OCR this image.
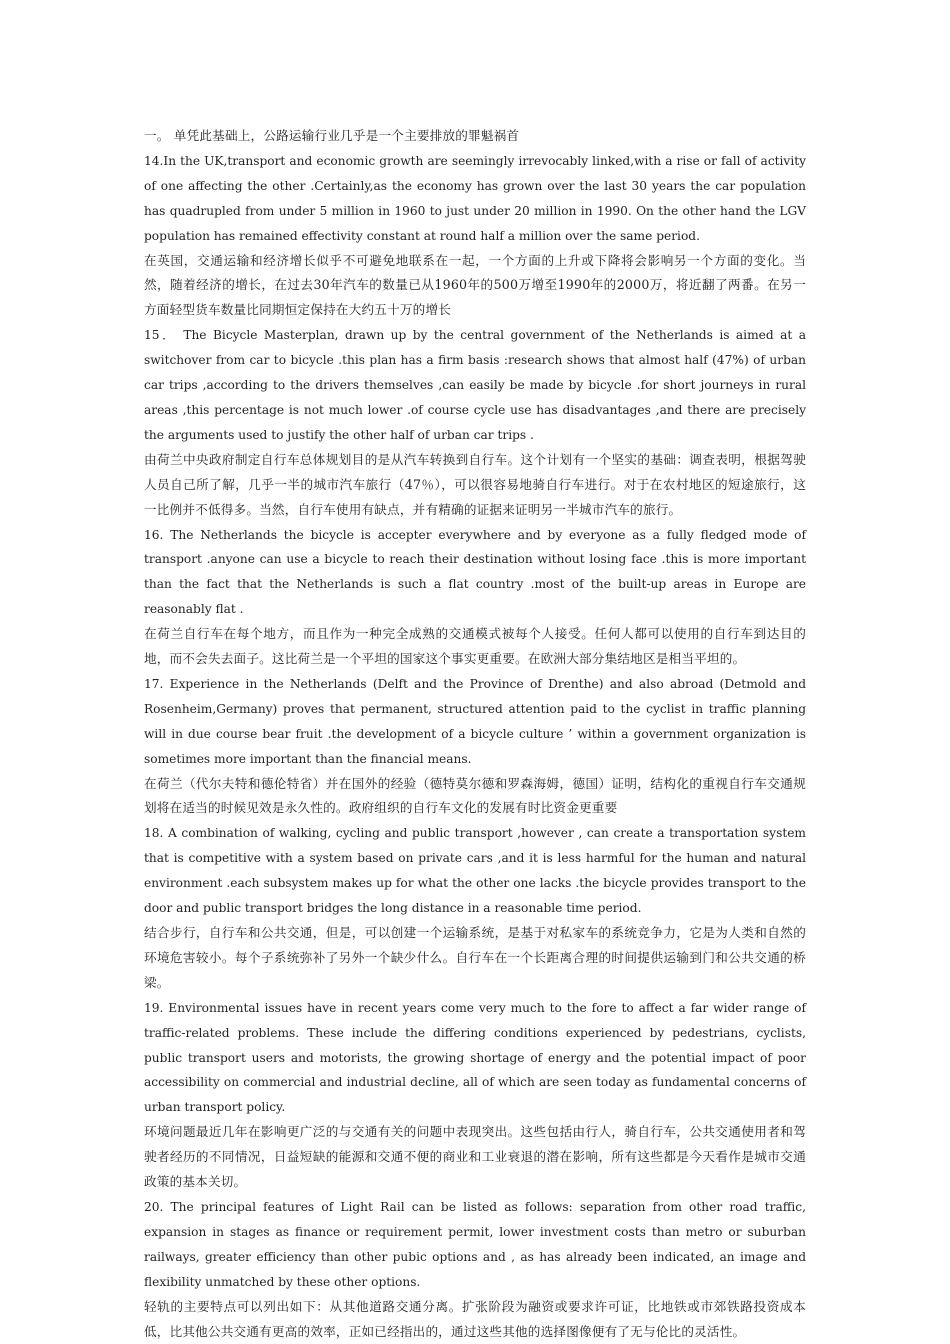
一。 单凭此基础上，公路运输行业几乎是一个主要排放的罪魁祸首

14.In the UK,transport and economic growth are seemingly irrevocably linked,with a rise or fall of activity of one affecting the other .Certainly,as the economy has grown over the last 30 years the car population has quadrupled from under 5 million in 1960 to just under 20 million in 1990. On the other hand the LGV population has remained effectivity constant at round half a million over the same period.

在英国，交通运输和经济增长似乎不可避免地联系在一起，一个方面的上升或下降将会影响另一个方面的变化。当然，随着经济的增长，在过去30年汽车的数量已从1960年的500万增至1990年的2000万，将近翻了两番。在另一方面轻型货车数量比同期恒定保持在大约五十万的增长

15． The Bicycle Masterplan, drawn up by the central government of the Netherlands is aimed at a switchover from car to bicycle .this plan has a firm basis :research shows that almost half (47%) of urban car trips ,according to the drivers themselves ,can easily be made by bicycle .for short journeys in rural areas ,this percentage is not much lower .of course cycle use has disadvantages ,and there are precisely the arguments used to justify the other half of urban car trips .

由荷兰中央政府制定自行车总体规划目的是从汽车转换到自行车。这个计划有一个坚实的基础：调查表明，根据驾驶人员自己所了解，几乎一半的城市汽车旅行（47％），可以很容易地骑自行车进行。对于在农村地区的短途旅行，这一比例并不低得多。当然，自行车使用有缺点，并有精确的证据来证明另一半城市汽车的旅行。

16. The Netherlands the bicycle is accepter everywhere and by everyone as a fully fledged mode of transport .anyone can use a bicycle to reach their destination without losing face .this is more important than the fact that the Netherlands is such a flat country .most of the built-up areas in Europe are reasonably flat .

在荷兰自行车在每个地方，而且作为一种完全成熟的交通模式被每个人接受。任何人都可以使用的自行车到达目的地，而不会失去面子。这比荷兰是一个平坦的国家这个事实更重要。在欧洲大部分集结地区是相当平坦的。

17. Experience in the Netherlands (Delft and the Province of Drenthe) and also abroad (Detmold and Rosenheim,Germany) proves that permanent, structured attention paid to the cyclist in traffic planning will in due course bear fruit .the development of a bicycle culture ’ within a government organization is sometimes more important than the financial means.

在荷兰（代尔夫特和德伦特省）并在国外的经验（德特莫尔德和罗森海姆，德国）证明，结构化的重视自行车交通规划将在适当的时候见效是永久性的。政府组织的自行车文化的发展有时比资金更重要

18. A combination of walking, cycling and public transport ,however , can create a transportation system that is competitive with a system based on private cars ,and it is less harmful for the human and natural environment .each subsystem makes up for what the other one lacks .the bicycle provides transport to the door and public transport bridges the long distance in a reasonable time period.

结合步行，自行车和公共交通，但是，可以创建一个运输系统，是基于对私家车的系统竞争力，它是为人类和自然的环境危害较小。每个子系统弥补了另外一个缺少什么。自行车在一个长距离合理的时间提供运输到门和公共交通的桥梁。

19. Environmental issues have in recent years come very much to the fore to affect a far wider range of traffic-related problems. These include the differing conditions experienced by pedestrians, cyclists, public transport users and motorists, the growing shortage of energy and the potential impact of poor accessibility on commercial and industrial decline, all of which are seen today as fundamental concerns of urban transport policy.

环境问题最近几年在影响更广泛的与交通有关的问题中表现突出。这些包括由行人，骑自行车，公共交通使用者和驾驶者经历的不同情况，日益短缺的能源和交通不便的商业和工业衰退的潜在影响，所有这些都是今天看作是城市交通政策的基本关切。

20. The principal features of Light Rail can be listed as follows: separation from other road traffic, expansion in stages as finance or requirement permit, lower investment costs than metro or suburban railways, greater efficiency than other pubic options and , as has already been indicated, an image and flexibility unmatched by these other options.

轻轨的主要特点可以列出如下：从其他道路交通分离。扩张阶段为融资或要求许可证，比地铁或市郊铁路投资成本低，比其他公共交通有更高的效率，正如已经指出的，通过这些其他的选择图像便有了无与伦比的灵活性。
